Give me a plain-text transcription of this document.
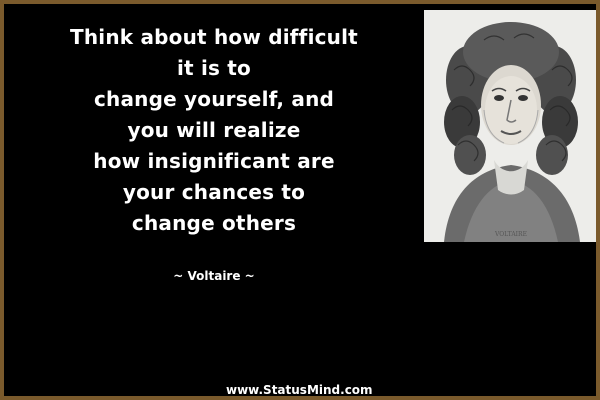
Think about how difficult
it is to
change yourself, and
you will realize
how insignificant are
your chances to
change others
~ Voltaire ~
VOLTAIRE
www.StatusMind.com
